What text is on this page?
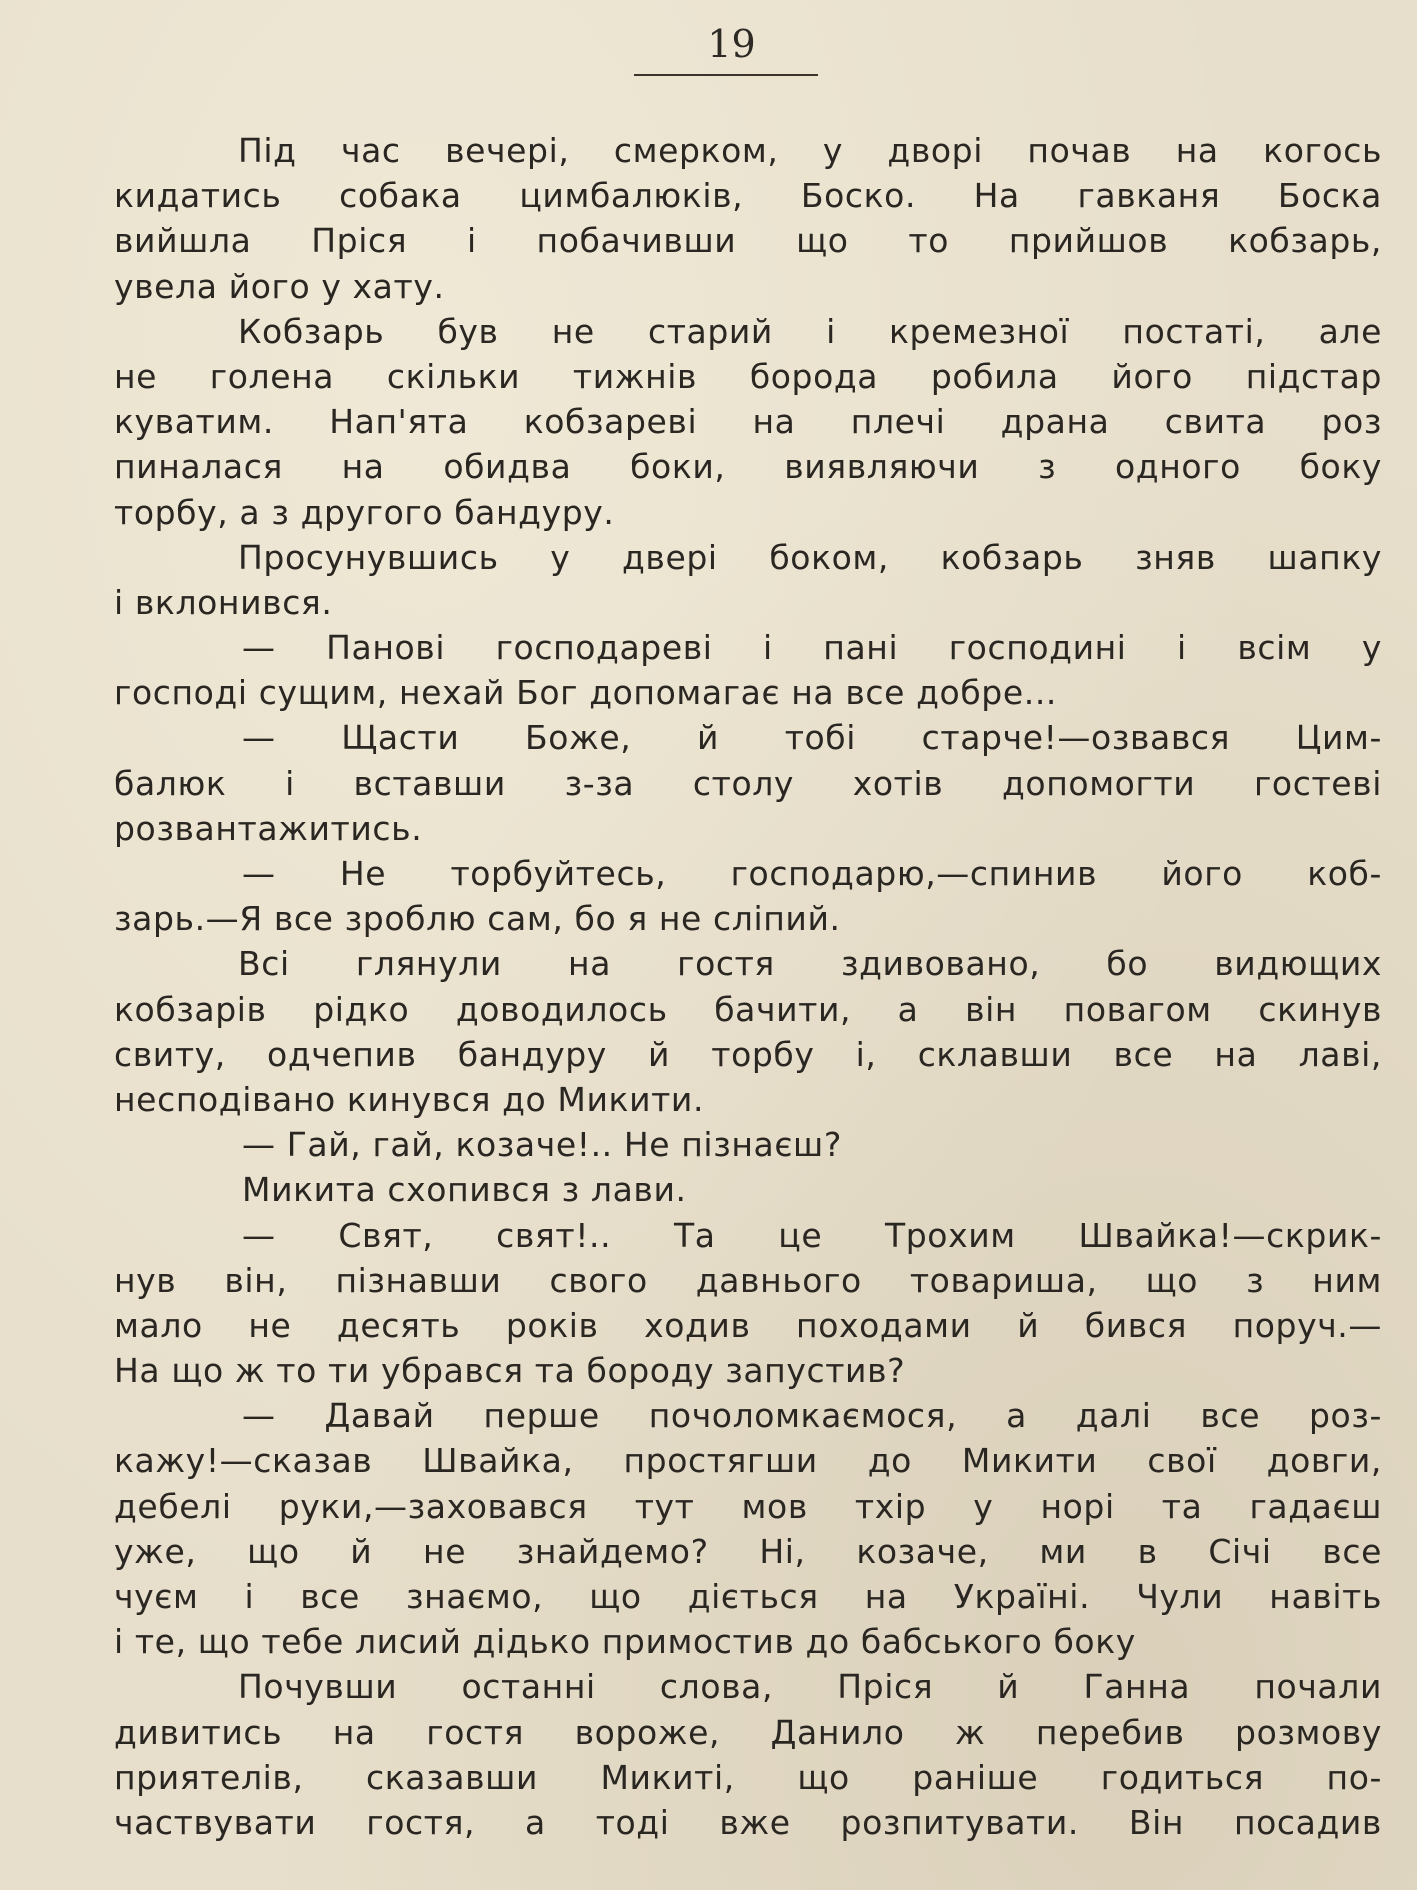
19
Під час вечері, смерком, у дворі почав на когось
кидатись собака цимбалюків, Боско. На гавканя Боска
вийшла Пріся і побачивши що то прийшов кобзарь,
увела його у хату.
Кобзарь був не старий і кремезної постаті, але
не голена скільки тижнів борода робила його підстар
куватим. Нап'ята кобзареві на плечі драна свита роз
пиналася на обидва боки, виявляючи з одного боку
торбу, а з другого бандуру.
Просунувшись у двері боком, кобзарь зняв шапку
і вклонився.
— Панові господареві і пані господині і всім у
господі сущим, нехай Бог допомагає на все добре...
— Щасти Боже, й тобі старче!—озвався Цим-
балюк і вставши з-за столу хотів допомогти гостеві
розвантажитись.
— Не торбуйтесь, господарю,—спинив його коб-
зарь.—Я все зроблю сам, бо я не сліпий.
Всі глянули на гостя здивовано, бо видющих
кобзарів рідко доводилось бачити, а він повагом скинув
свиту, одчепив бандуру й торбу і, склавши все на лаві,
несподівано кинувся до Микити.
— Гай, гай, козаче!.. Не пізнаєш?
Микита схопився з лави.
— Свят, свят!.. Та це Трохим Швайка!—скрик-
нув він, пізнавши свого давнього товариша, що з ним
мало не десять років ходив походами й бився поруч.—
На що ж то ти убрався та бороду запустив?
— Давай перше почоломкаємося, а далі все роз-
кажу!—сказав Швайка, простягши до Микити свої довги,
дебелі руки,—заховався тут мов тхір у норі та гадаєш
уже, що й не знайдемо? Ні, козаче, ми в Січі все
чуєм і все знаємо, що діється на Україні. Чули навіть
і те, що тебе лисий дідько примостив до бабського боку
Почувши останні слова, Пріся й Ганна почали
дивитись на гостя вороже, Данило ж перебив розмову
приятелів, сказавши Микиті, що раніше годиться по-
частвувати гостя, а тоді вже розпитувати. Він посадив
